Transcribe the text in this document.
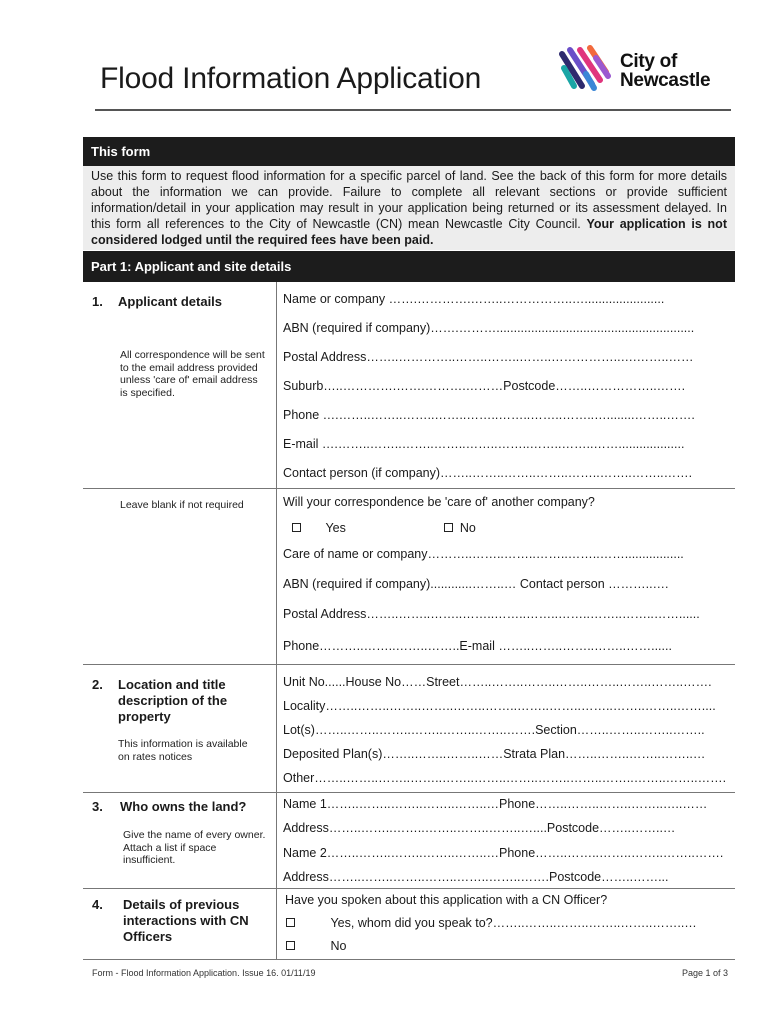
Flood Information Application
City of
Newcastle
This form
Use this form to request flood information for a specific parcel of land. See the back of this form for more details about the information we can provide. Failure to complete all relevant sections or provide sufficient information/detail in your application may result in your application being returned or its assessment delayed. In this form all references to the City of Newcastle (CN) mean Newcastle City Council. Your application is not considered lodged until the required fees have been paid.
Part 1: Applicant and site details
1.	Applicant details
All correspondence will be sent to the email address provided unless 'care of' email address is specified.
Name or company …….………….……..……………..….......................
ABN (required if company)…….……….........................................................
Postal Address……..…………..……..……..……..……………..….……..……
Suburb…..………….…….……….………Postcode……..……………..…….
Phone ….……..……..……..……..……..……..……..……..…........……..…….
E-mail ….……..……..……..……..……..……..……..……..……...................
Contact person (if company)……..……..……..……..……..……..……..…….
Leave blank if not required	Will your correspondence be 'care of' another company?
Yes	No
Care of name or company………..……..……..……..……..…….................
ABN (required if company)............……..… Contact person ………..….
Postal Address……..……..……..……..……..……..……..……..……..……......
Phone………..……..……..……..E-mail ……..……..……..……..……......
2.	Location and title description of the property
This information is available on rates notices
Unit No......House No……Street……..……..……..……..……..……..……..…….
Locality……..……..……..……..……..……..……..……..……..……..……..……....
Lot(s)……..……..……..……..……..……..…….Section……..……..……..……..
Deposited Plan(s)……..……..……..……Strata Plan……..……..……..……..…
Other……..……..……..……..……..……..……..……..……..……..……..……..…….
3.	Who owns the land?
Give the name of every owner. Attach a list if space insufficient.
Name 1……..……..……..……..……..…Phone……..……..……..……..…..……
Address……..……..……..……..……..……..…....Postcode……..……..…
Name 2……..……..……..……..……..…Phone……..……..……..……..……..…….
Address……..……..……..……..……..……..…….Postcode……..……...
4.	Details of previous interactions with CN Officers
Have you spoken about this application with a CN Officer?
Yes, whom did you speak to?……..……..……..……..……..……..…
No
Form - Flood Information Application. Issue 16. 01/11/19	Page 1 of 3
